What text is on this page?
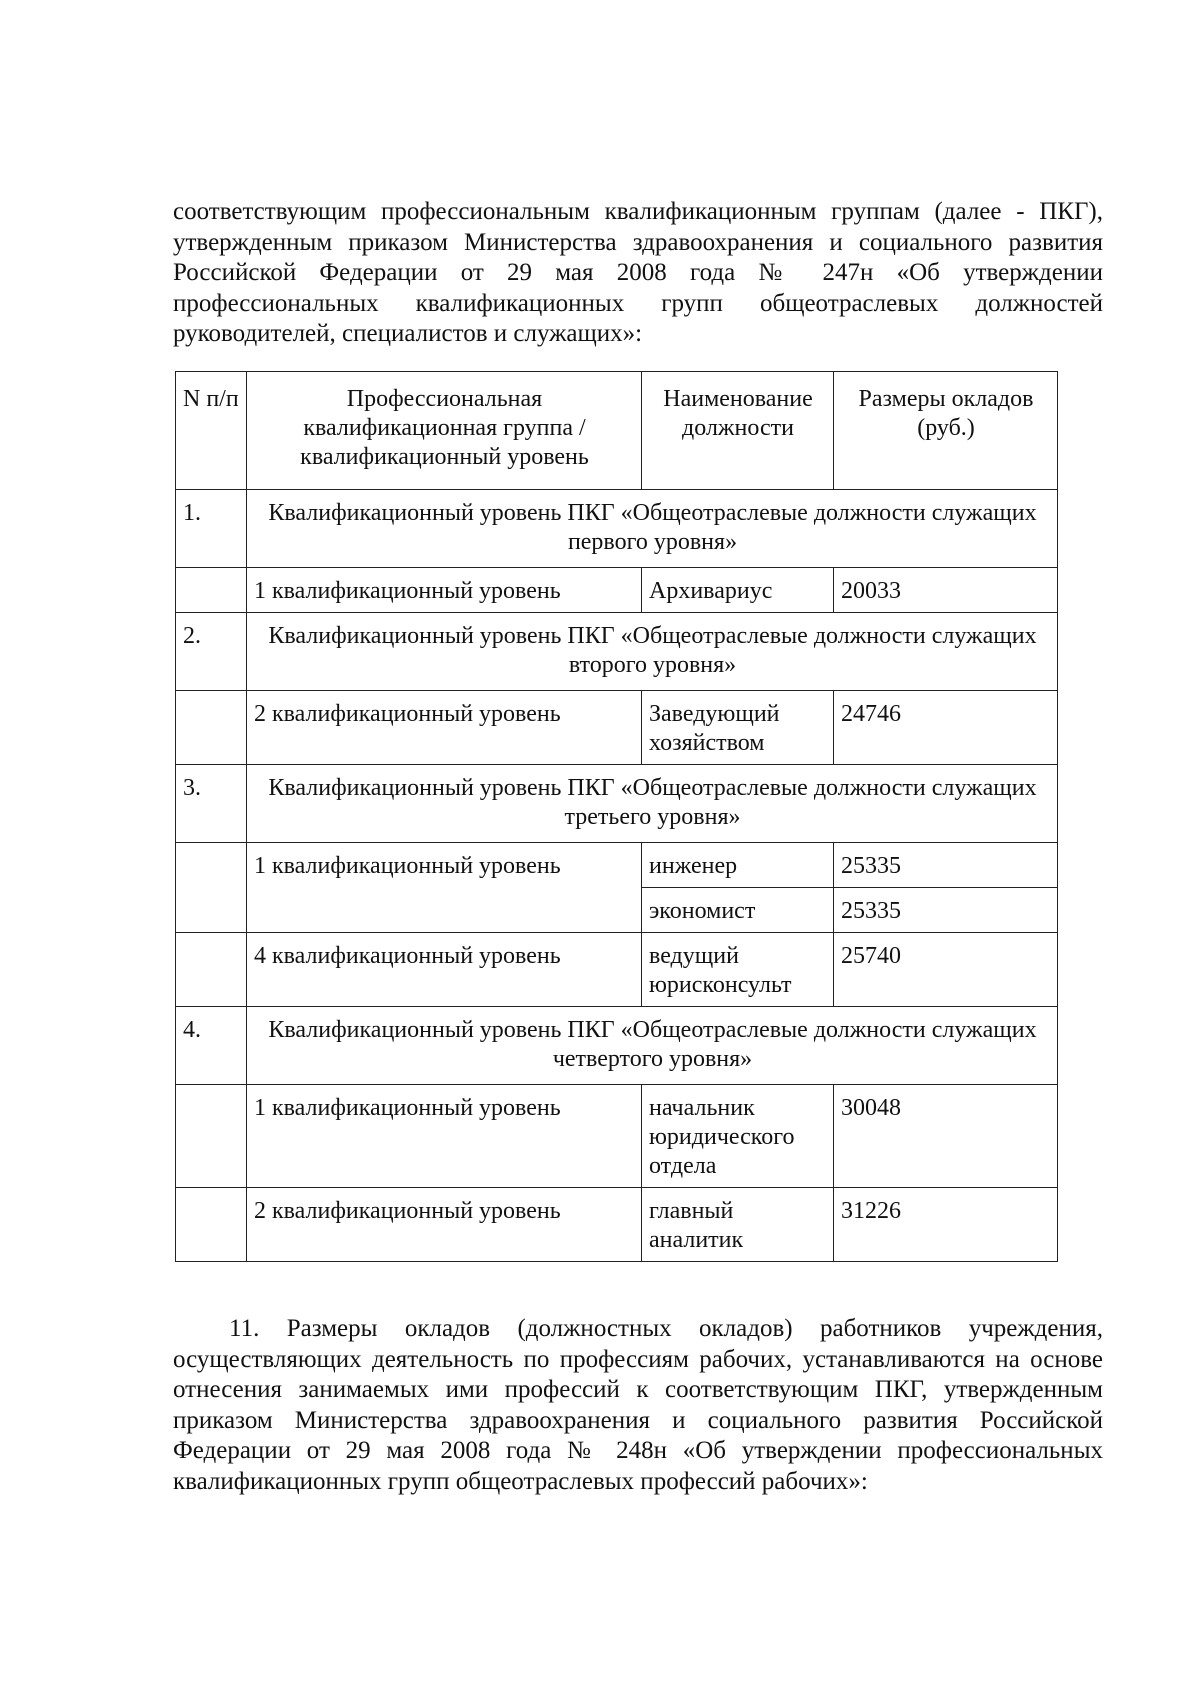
соответствующим профессиональным квалификационным группам (далее - ПКГ), утвержденным приказом Министерства здравоохранения и социального развития Российской Федерации от 29 мая 2008 года № 247н «Об утверждении профессиональных квалификационных групп общеотраслевых должностей руководителей, специалистов и служащих»:

N п/п	Профессиональная квалификационная группа / квалификационный уровень	Наименование должности	Размеры окладов (руб.)
1.	Квалификационный уровень ПКГ «Общеотраслевые должности служащих первого уровня»		
	1 квалификационный уровень	Архивариус	20033
2.	Квалификационный уровень ПКГ «Общеотраслевые должности служащих второго уровня»		
	2 квалификационный уровень	Заведующий хозяйством	24746
3.	Квалификационный уровень ПКГ «Общеотраслевые должности служащих третьего уровня»		
	1 квалификационный уровень	инженер	25335
		экономист	25335
	4 квалификационный уровень	ведущий юрисконсульт	25740
4.	Квалификационный уровень ПКГ «Общеотраслевые должности служащих четвертого уровня»		
	1 квалификационный уровень	начальник юридического отдела	30048
	2 квалификационный уровень	главный аналитик	31226

11. Размеры окладов (должностных окладов) работников учреждения, осуществляющих деятельность по профессиям рабочих, устанавливаются на основе отнесения занимаемых ими профессий к соответствующим ПКГ, утвержденным приказом Министерства здравоохранения и социального развития Российской Федерации от 29 мая 2008 года № 248н «Об утверждении профессиональных квалификационных групп общеотраслевых профессий рабочих»:
